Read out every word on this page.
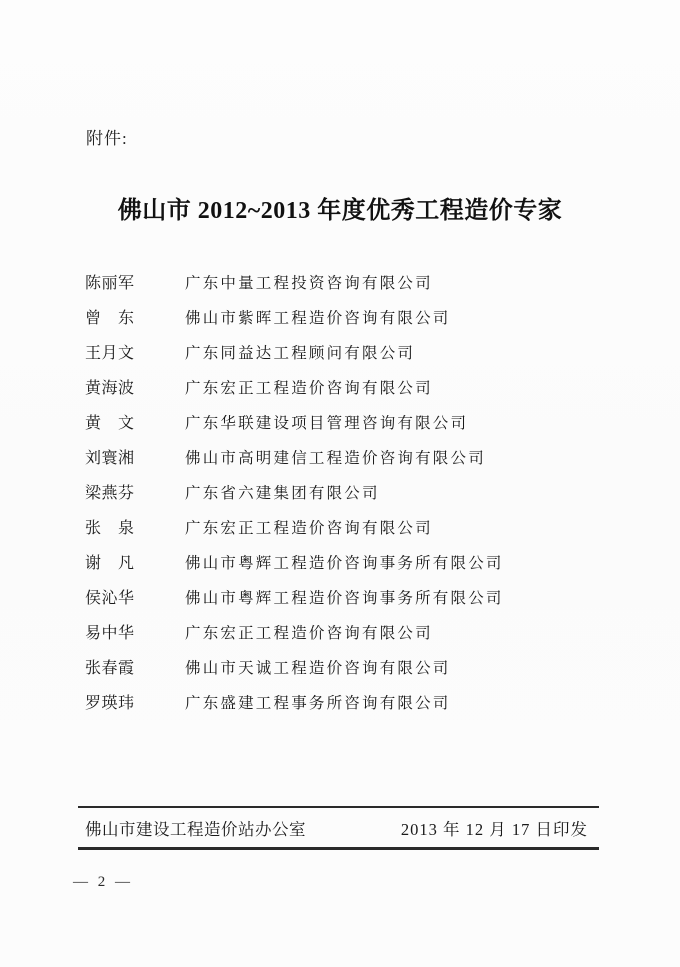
附件:
佛山市 2012~2013 年度优秀工程造价专家
陈丽军	广东中量工程投资咨询有限公司
曾　东	佛山市紫晖工程造价咨询有限公司
王月文	广东同益达工程顾问有限公司
黄海波	广东宏正工程造价咨询有限公司
黄　文	广东华联建设项目管理咨询有限公司
刘寰湘	佛山市高明建信工程造价咨询有限公司
梁燕芬	广东省六建集团有限公司
张　泉	广东宏正工程造价咨询有限公司
谢　凡	佛山市粤辉工程造价咨询事务所有限公司
侯沁华	佛山市粤辉工程造价咨询事务所有限公司
易中华	广东宏正工程造价咨询有限公司
张春霞	佛山市天诚工程造价咨询有限公司
罗瑛玮	广东盛建工程事务所咨询有限公司
佛山市建设工程造价站办公室	2013 年 12 月 17 日印发
— 2 —
